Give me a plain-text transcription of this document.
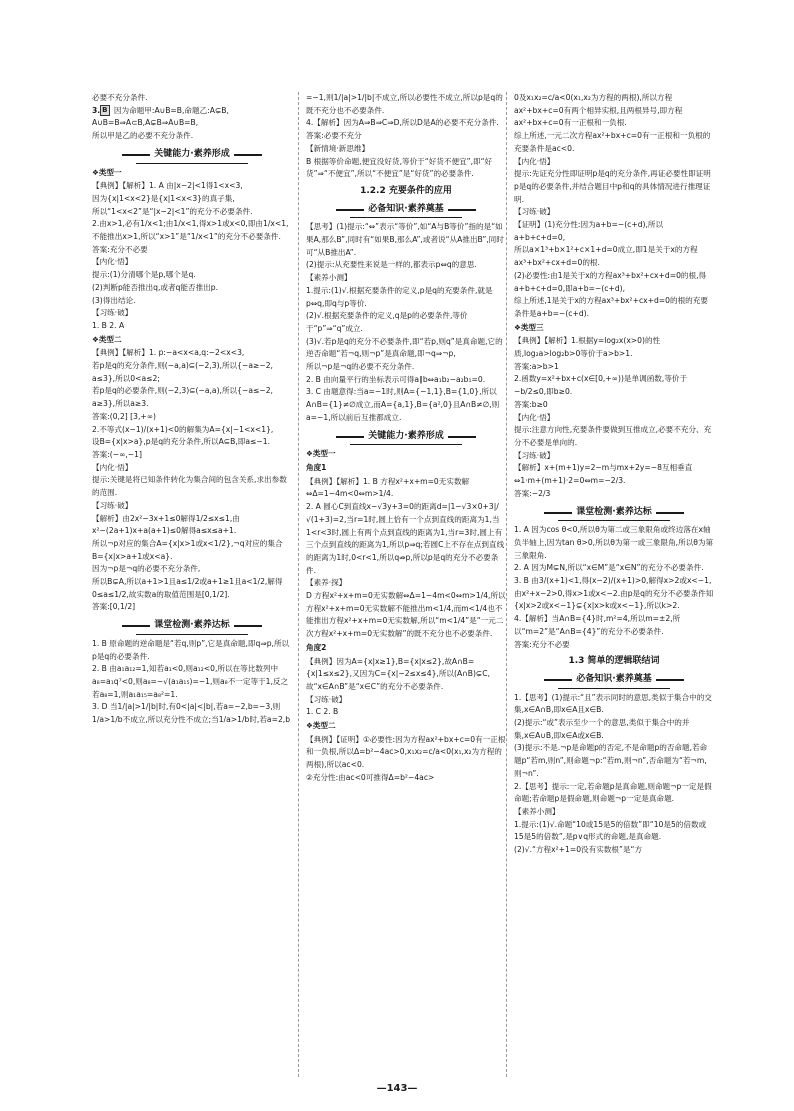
必要不充分条件.

3. B 因为命题甲:A∪B=B,命题乙:A⊊B,

A∪B=B⇒A⊂B,A⊊B⇒A∪B=B,

所以甲是乙的必要不充分条件.

关键能力·素养形成

❖类型一

【典例】【解析】1. A 由|x−2|<1得1<x<3,

因为{x|1<x<2}是{x|1<x<3}的真子集,

所以“1<x<2”是“|x−2|<1”的充分不必要条件.

2.由x>1,必有1/x<1;由1/x<1,得x>1或x<0,即由1/x<1,不能推出x>1,所以“x>1”是“1/x<1”的充分不必要条件.

答案:充分不必要

【内化·悟】

提示:(1)分清哪个是p,哪个是q.

(2)判断p能否推出q,或者q能否推出p.

(3)得出结论.

【习练·破】

1. B 2. A

❖类型二

【典例】【解析】1. p:−a<x<a,q:−2<x<3,

若p是q的充分条件,则(−a,a)⊆(−2,3),所以{−a≥−2, a≤3},所以0<a≤2;

若p是q的必要条件,则(−2,3)⊆(−a,a),所以{−a≤−2, a≥3},所以a≥3.

答案:(0,2] [3,+∞)

2.不等式(x−1)/(x+1)<0的解集为A={x|−1<x<1},

设B={x|x>a},p是q的充分条件,所以A⊆B,即a≤−1.

答案:(−∞,−1]

【内化·悟】

提示:关键是将已知条件转化为集合间的包含关系,求出参数的范围.

【习练·破】

【解析】由2x²−3x+1≤0解得1/2≤x≤1,由x²−(2a+1)x+a(a+1)≤0解得a≤x≤a+1.

所以¬p对应的集合A={x|x>1或x<1/2},¬q对应的集合B={x|x>a+1或x<a}.

因为¬p是¬q的必要不充分条件,

所以B⊊A,所以a+1>1且a≤1/2或a+1≥1且a<1/2,解得0≤a≤1/2,故实数a的取值范围是[0,1/2].

答案:[0,1/2]

课堂检测·素养达标

1. B 原命题的逆命题是“若q,则p”,它是真命题,即q⇒p,所以p是q的必要条件.

2. B 由a₁a₁₂=1,知若a₁<0,则a₁₂<0,所以在等比数列中a₈=a₁q⁷<0,则a₈=−√(a₁a₁₅)=−1,则a₈不一定等于1,反之若a₈=1,则a₁a₁₅=a₈²=1.

3. D 当1/|a|>1/|b|时,有0<|a|<|b|,若a=−2,b=−3,则1/a>1/b不成立,所以充分性不成立;当1/a>1/b时,若a=2,b

=−1,则1/|a|>1/|b|不成立,所以必要性不成立,所以p是q的既不充分也不必要条件.

4.【解析】因为A⇒B⇒C⇒D,所以D是A的必要不充分条件.

答案:必要不充分

【新情境·新思维】

B 根据等价命题,便宜没好货,等价于“好货不便宜”,即“好货”⇒“不便宜”,所以“不便宜”是“好货”的必要条件.

1.2.2 充要条件的应用
必备知识·素养奠基

【思考】(1)提示:“⇔”表示“等价”,如“A与B等价”指的是“如果A,那么B”,同时有“如果B,那么A”,或者说“从A推出B”,同时可“从B推出A”.

(2)提示:从充要性来说是一样的,都表示p⇔q的意思.

【素养小测】

1.提示:(1)√.根据充要条件的定义,p是q的充要条件,就是p⇔q,即q与p等价.

(2)√.根据充要条件的定义,q是p的必要条件,等价于“p”⇒“q”成立.

(3)√.若p是q的充分不必要条件,即“若p,则q”是真命题,它的逆否命题“若¬q,则¬p”是真命题,即¬q⇒¬p,

所以¬p是¬q的必要不充分条件.

2. B 由向量平行的坐标表示可得a∥b⇔a₁b₂−a₂b₁=0.

3. C 由题意得:当a=−1时,则A={−1,1},B={1,0},所以A∩B={1}≠∅成立,而A={a,1},B={a²,0}且A∩B≠∅,则a=−1,所以前后互推都成立.

关键能力·素养形成

❖类型一

角度1

【典例】【解析】1. B 方程x²+x+m=0无实数解⇔Δ=1−4m<0⇔m>1/4.

2. A 圆心C到直线x−√3y+3=0的距离d=|1−√3×0+3|/√(1+3)=2,当r=1时,圆上恰有一个点到直线的距离为1,当1<r<3时,圆上有两个点到直线的距离为1,当r=3时,圆上有三个点到直线的距离为1,所以p⇒q;若圆C上不存在点到直线的距离为1时,0<r<1,所以q⇏p,所以p是q的充分不必要条件.

【素养·探】

D 方程x²+x+m=0无实数解⇔Δ=1−4m<0⇔m>1/4,所以方程x²+x+m=0无实数解不能推出m<1/4,而m<1/4也不能推出方程x²+x+m=0无实数解,所以“m<1/4”是“一元二次方程x²+x+m=0无实数解”的既不充分也不必要条件.

角度2

【典例】因为A={x|x≥1},B={x|x≤2},故A∩B={x|1≤x≤2},又因为C={x|−2≤x≤4},所以(A∩B)⊊C,故“x∈A∩B”是“x∈C”的充分不必要条件.

【习练·破】

1. C 2. B

❖类型二

【典例】【证明】①必要性:因为方程ax²+bx+c=0有一正根和一负根,所以Δ=b²−4ac>0,x₁x₂=c/a<0(x₁,x₂为方程的两根),所以ac<0.

②充分性:由ac<0可推得Δ=b²−4ac>

0及x₁x₂=c/a<0(x₁,x₂为方程的两根),所以方程ax²+bx+c=0有两个相异实根,且两根异号,即方程ax²+bx+c=0有一正根和一负根.

综上所述,一元二次方程ax²+bx+c=0有一正根和一负根的充要条件是ac<0.

【内化·悟】

提示:先证充分性即证明p是q的充分条件,再证必要性即证明p是q的必要条件,并结合题目中p和q的具体情况进行推理证明.

【习练·破】

【证明】(1)充分性:因为a+b=−(c+d),所以a+b+c+d=0,

所以a×1³+b×1²+c×1+d=0成立,即1是关于x的方程ax³+bx²+cx+d=0的根.

(2)必要性:由1是关于x的方程ax³+bx²+cx+d=0的根,得a+b+c+d=0,即a+b=−(c+d),

综上所述,1是关于x的方程ax³+bx²+cx+d=0的根的充要条件是a+b=−(c+d).

❖类型三

【典例】【解析】1.根据y=log₂x(x>0)的性质,log₂a>log₂b>0等价于a>b>1.

答案:a>b>1

2.函数y=x²+bx+c(x∈[0,+∞))是单调函数,等价于−b/2≤0,即b≥0.

答案:b≥0

【内化·悟】

提示:注意方向性,充要条件要做到互推成立,必要不充分、充分不必要是单向的.

【习练·破】

【解析】x+(m+1)y=2−m与mx+2y=−8互相垂直⇔1·m+(m+1)·2=0⇔m=−2/3.

答案:−2/3

课堂检测·素养达标

1. A 因为cos θ<0,所以θ为第二或三象限角或终边落在x轴负半轴上,因为tan θ>0,所以θ为第一或三象限角,所以θ为第三象限角.

2. A 因为M⊊N,所以“x∈M”是“x∈N”的充分不必要条件.

3. B 由3/(x+1)<1,得(x−2)/(x+1)>0,解得x>2或x<−1,由x²+x−2>0,得x>1或x<−2.由p是q的充分不必要条件知{x|x>2或x<−1}⊊{x|x>k或x<−1},所以k>2.

4.【解析】当A∩B={4}时,m²=4,所以m=±2,所以“m=2”是“A∩B={4}”的充分不必要条件.

答案:充分不必要

1.3 简单的逻辑联结词
必备知识·素养奠基

1.【思考】(1)提示:“且”表示同时的意思,类似于集合中的交集,x∈A∩B,即x∈A且x∈B.

(2)提示:“或”表示至少一个的意思,类似于集合中的并集,x∈A∪B,即x∈A或x∈B.

(3)提示:不是.¬p是命题p的否定,不是命题p的否命题,若命题p“若m,则n”,则命题¬p:“若m,则¬n”,否命题为“若¬m,则¬n”.

2.【思考】提示:一定,若命题p是真命题,则命题¬p一定是假命题;若命题p是假命题,则命题¬p一定是真命题.

【素养小测】

1.提示:(1)√.命题“10或15是5的倍数”即“10是5的倍数或15是5的倍数”,是p∨q形式的命题,是真命题.

(2)√.“方程x²+1=0没有实数根”是“方

—143—
